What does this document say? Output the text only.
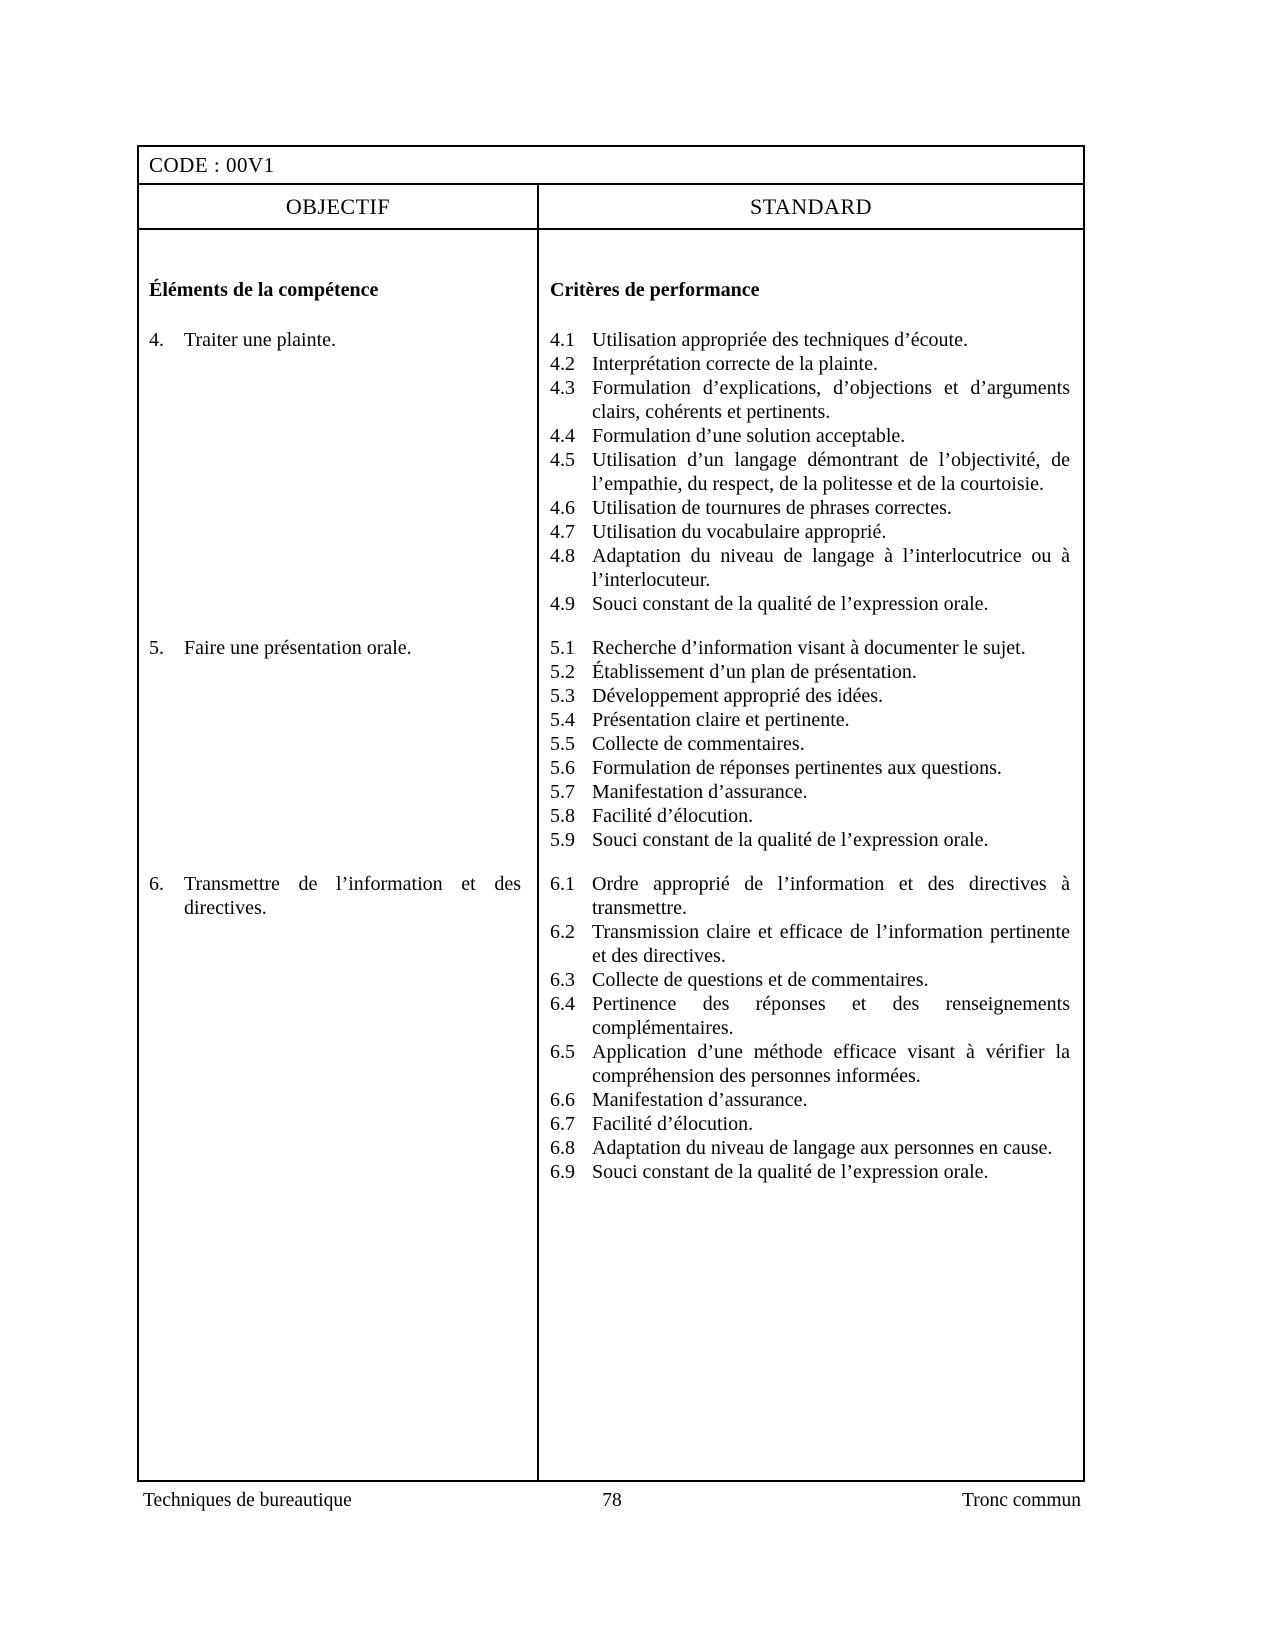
CODE : 00V1
OBJECTIF	STANDARD
Éléments de la compétence	Critères de performance
4.	Traiter une plainte.	4.1 Utilisation appropriée des techniques d’écoute.
4.2 Interprétation correcte de la plainte.
4.3 Formulation d’explications, d’objections et d’arguments clairs, cohérents et pertinents.
4.4 Formulation d’une solution acceptable.
4.5 Utilisation d’un langage démontrant de l’objectivité, de l’empathie, du respect, de la politesse et de la courtoisie.
4.6 Utilisation de tournures de phrases correctes.
4.7 Utilisation du vocabulaire approprié.
4.8 Adaptation du niveau de langage à l’interlocutrice ou à l’interlocuteur.
4.9 Souci constant de la qualité de l’expression orale.
5.	Faire une présentation orale.	5.1 Recherche d’information visant à documenter le sujet.
5.2 Établissement d’un plan de présentation.
5.3 Développement approprié des idées.
5.4 Présentation claire et pertinente.
5.5 Collecte de commentaires.
5.6 Formulation de réponses pertinentes aux questions.
5.7 Manifestation d’assurance.
5.8 Facilité d’élocution.
5.9 Souci constant de la qualité de l’expression orale.
6.	Transmettre de l’information et des directives.
6.1 Ordre approprié de l’information et des directives à transmettre.
6.2 Transmission claire et efficace de l’information pertinente et des directives.
6.3 Collecte de questions et de commentaires.
6.4 Pertinence des réponses et des renseignements complémentaires.
6.5 Application d’une méthode efficace visant à vérifier la compréhension des personnes informées.
6.6 Manifestation d’assurance.
6.7 Facilité d’élocution.
6.8 Adaptation du niveau de langage aux personnes en cause.
6.9 Souci constant de la qualité de l’expression orale.
Techniques de bureautique	78	Tronc commun
